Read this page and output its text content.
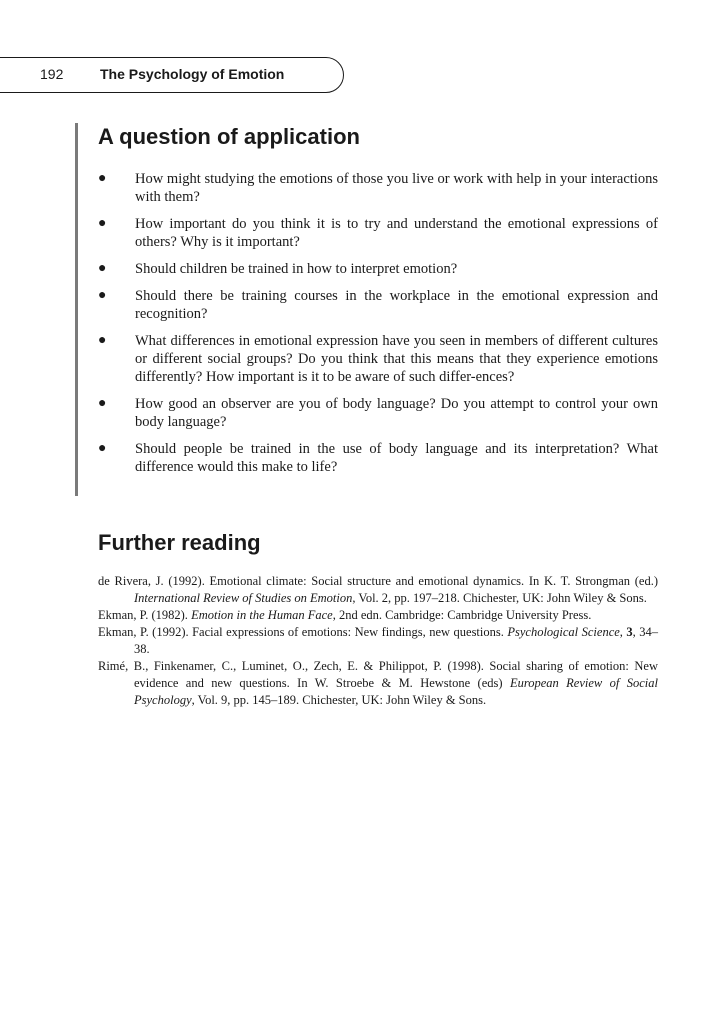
192	The Psychology of Emotion
A question of application
● How might studying the emotions of those you live or work with help in your interactions with them?
● How important do you think it is to try and understand the emotional expressions of others? Why is it important?
● Should children be trained in how to interpret emotion?
● Should there be training courses in the workplace in the emotional expression and recognition?
● What differences in emotional expression have you seen in members of different cultures or different social groups? Do you think that this means that they experience emotions differently? How important is it to be aware of such differ-ences?
● How good an observer are you of body language? Do you attempt to control your own body language?
● Should people be trained in the use of body language and its interpretation? What difference would this make to life?
Further reading

de Rivera, J. (1992). Emotional climate: Social structure and emotional dynamics. In K. T. Strongman (ed.) International Review of Studies on Emotion, Vol. 2, pp. 197–218. Chichester, UK: John Wiley & Sons.

Ekman, P. (1982). Emotion in the Human Face, 2nd edn. Cambridge: Cambridge University Press.

Ekman, P. (1992). Facial expressions of emotions: New findings, new questions. Psychological Science, 3, 34–38.

Rimé, B., Finkenamer, C., Luminet, O., Zech, E. & Philippot, P. (1998). Social sharing of emotion: New evidence and new questions. In W. Stroebe & M. Hewstone (eds) European Review of Social Psychology, Vol. 9, pp. 145–189. Chichester, UK: John Wiley & Sons.
